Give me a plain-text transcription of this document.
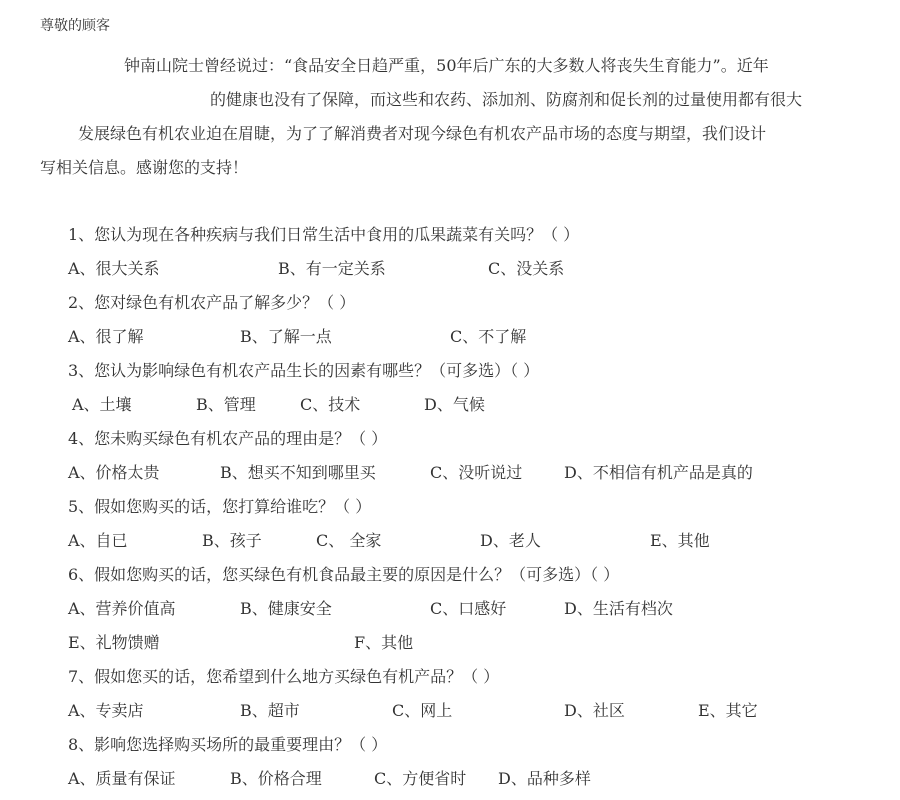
尊敬的顾客
钟南山院士曾经说过：“食品安全日趋严重，50年后广东的大多数人将丧失生育能力”。近年
的健康也没有了保障，而这些和农药、添加剂、防腐剂和促长剂的过量使用都有很大
发展绿色有机农业迫在眉睫，为了了解消费者对现今绿色有机农产品市场的态度与期望，我们设计
写相关信息。感谢您的支持！
1、您认为现在各种疾病与我们日常生活中食用的瓜果蔬菜有关吗？（ ）
A、很大关系	B、有一定关系	C、没关系
2、您对绿色有机农产品了解多少？（ ）
A、很了解	B、了解一点	C、不了解
3、您认为影响绿色有机农产品生长的因素有哪些？（可多选）（ ）
A、土壤	B、管理	C、技术	D、气候
4、您未购买绿色有机农产品的理由是？（ ）
A、价格太贵	B、想买不知到哪里买	C、没听说过	D、不相信有机产品是真的
5、假如您购买的话，您打算给谁吃？（ ）
A、自已	B、孩子	C、 全家	D、老人	E、其他
6、假如您购买的话，您买绿色有机食品最主要的原因是什么？（可多选）（ ）
A、营养价值高	B、健康安全	C、口感好	D、生活有档次
E、礼物馈赠	F、其他
7、假如您买的话，您希望到什么地方买绿色有机产品？（ ）
A、专卖店	B、超市	C、网上	D、社区	E、其它
8、影响您选择购买场所的最重要理由？（ ）
A、质量有保证	B、价格合理	C、方便省时 D、品种多样
